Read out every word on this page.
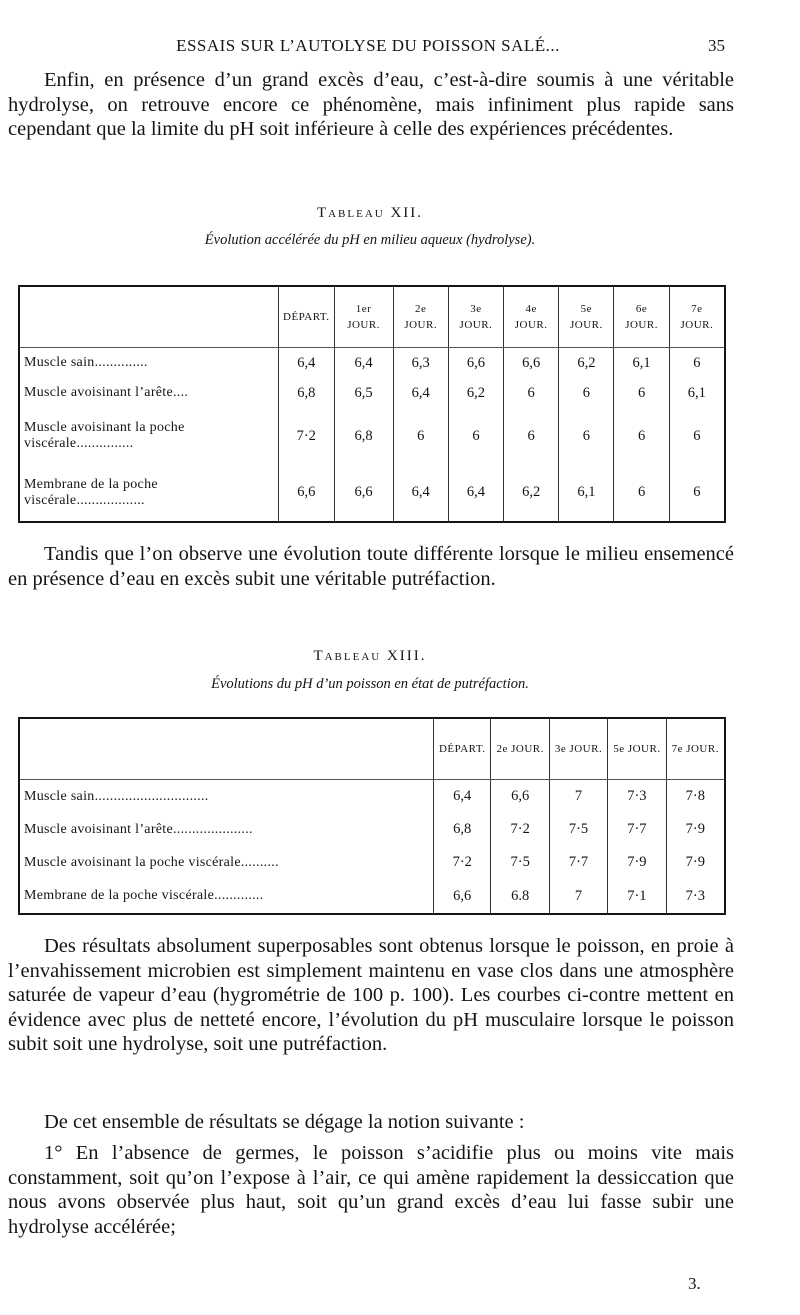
ESSAIS SUR L’AUTOLYSE DU POISSON SALÉ...	35

Enfin, en présence d’un grand excès d’eau, c’est-à-dire soumis à une véritable hydrolyse, on retrouve encore ce phénomène, mais infiniment plus rapide sans cependant que la limite du pH soit inférieure à celle des expériences précédentes.

Tableau XII.
Évolution accélérée du pH en milieu aqueux (hydrolyse).
	DÉPART.	1er JOUR.	2e JOUR.	3e JOUR.	4e JOUR.	5e JOUR.	6e JOUR.	7e JOUR.
Muscle sain..............	6,4	6,4	6,3	6,6	6,6	6,2	6,1	6
Muscle avoisinant l’arête....	6,8	6,5	6,4	6,2	6	6	6	6,1
Muscle avoisinant la poche viscérale...............	7·2	6,8	6	6	6	6	6	6
Membrane de la poche viscérale..................	6,6	6,6	6,4	6,4	6,2	6,1	6	6

Tandis que l’on observe une évolution toute différente lorsque le milieu ensemencé en présence d’eau en excès subit une véritable putréfaction.

Tableau XIII.
Évolutions du pH d’un poisson en état de putréfaction.
	DÉPART.	2e JOUR.	3e JOUR.	5e JOUR.	7e JOUR.
Muscle sain..............................	6,4	6,6	7	7·3	7·8
Muscle avoisinant l’arête.....................	6,8	7·2	7·5	7·7	7·9
Muscle avoisinant la poche viscérale..........	7·2	7·5	7·7	7·9	7·9
Membrane de la poche viscérale.............	6,6	6.8	7	7·1	7·3

Des résultats absolument superposables sont obtenus lorsque le poisson, en proie à l’envahissement microbien est simplement maintenu en vase clos dans une atmosphère saturée de vapeur d’eau (hygrométrie de 100 p. 100). Les courbes ci-contre mettent en évidence avec plus de netteté encore, l’évolution du pH musculaire lorsque le poisson subit soit une hydrolyse, soit une putréfaction.

De cet ensemble de résultats se dégage la notion suivante :

1° En l’absence de germes, le poisson s’acidifie plus ou moins vite mais constamment, soit qu’on l’expose à l’air, ce qui amène rapidement la dessiccation que nous avons observée plus haut, soit qu’un grand excès d’eau lui fasse subir une hydrolyse accélérée;

3.
